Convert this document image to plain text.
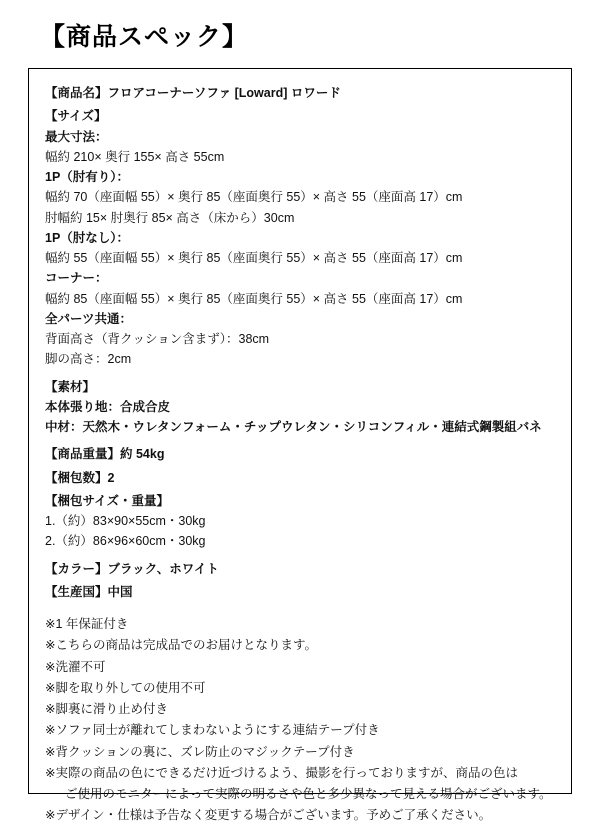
【商品スペック】
【商品名】フロアコーナーソファ [Loward] ロワード
【サイズ】
最大寸法：
幅約 210× 奥行 155× 高さ 55cm
1P（肘有り）：
幅約 70（座面幅 55）× 奥行 85（座面奥行 55）× 高さ 55（座面高 17）cm
肘幅約 15× 肘奥行 85× 高さ（床から）30cm
1P（肘なし）：
幅約 55（座面幅 55）× 奥行 85（座面奥行 55）× 高さ 55（座面高 17）cm
コーナー：
幅約 85（座面幅 55）× 奥行 85（座面奥行 55）× 高さ 55（座面高 17）cm
全パーツ共通：
背面高さ（背クッション含まず）：38cm
脚の高さ：2cm
【素材】
本体張り地：合成合皮
中材：天然木・ウレタンフォーム・チップウレタン・シリコンフィル・連結式鋼製組バネ
【商品重量】約 54kg
【梱包数】2
【梱包サイズ・重量】
1.（約）83×90×55cm・30kg
2.（約）86×96×60cm・30kg
【カラー】ブラック、ホワイト
【生産国】中国
※1 年保証付き
※こちらの商品は完成品でのお届けとなります。
※洗濯不可
※脚を取り外しての使用不可
※脚裏に滑り止め付き
※ソファ同士が離れてしまわないようにする連結テープ付き
※背クッションの裏に、ズレ防止のマジックテープ付き
※実際の商品の色にできるだけ近づけるよう、撮影を行っておりますが、商品の色は
ご使用のモニターによって実際の明るさや色と多少異なって見える場合がございます。
※デザイン・仕様は予告なく変更する場合がございます。予めご了承ください。
